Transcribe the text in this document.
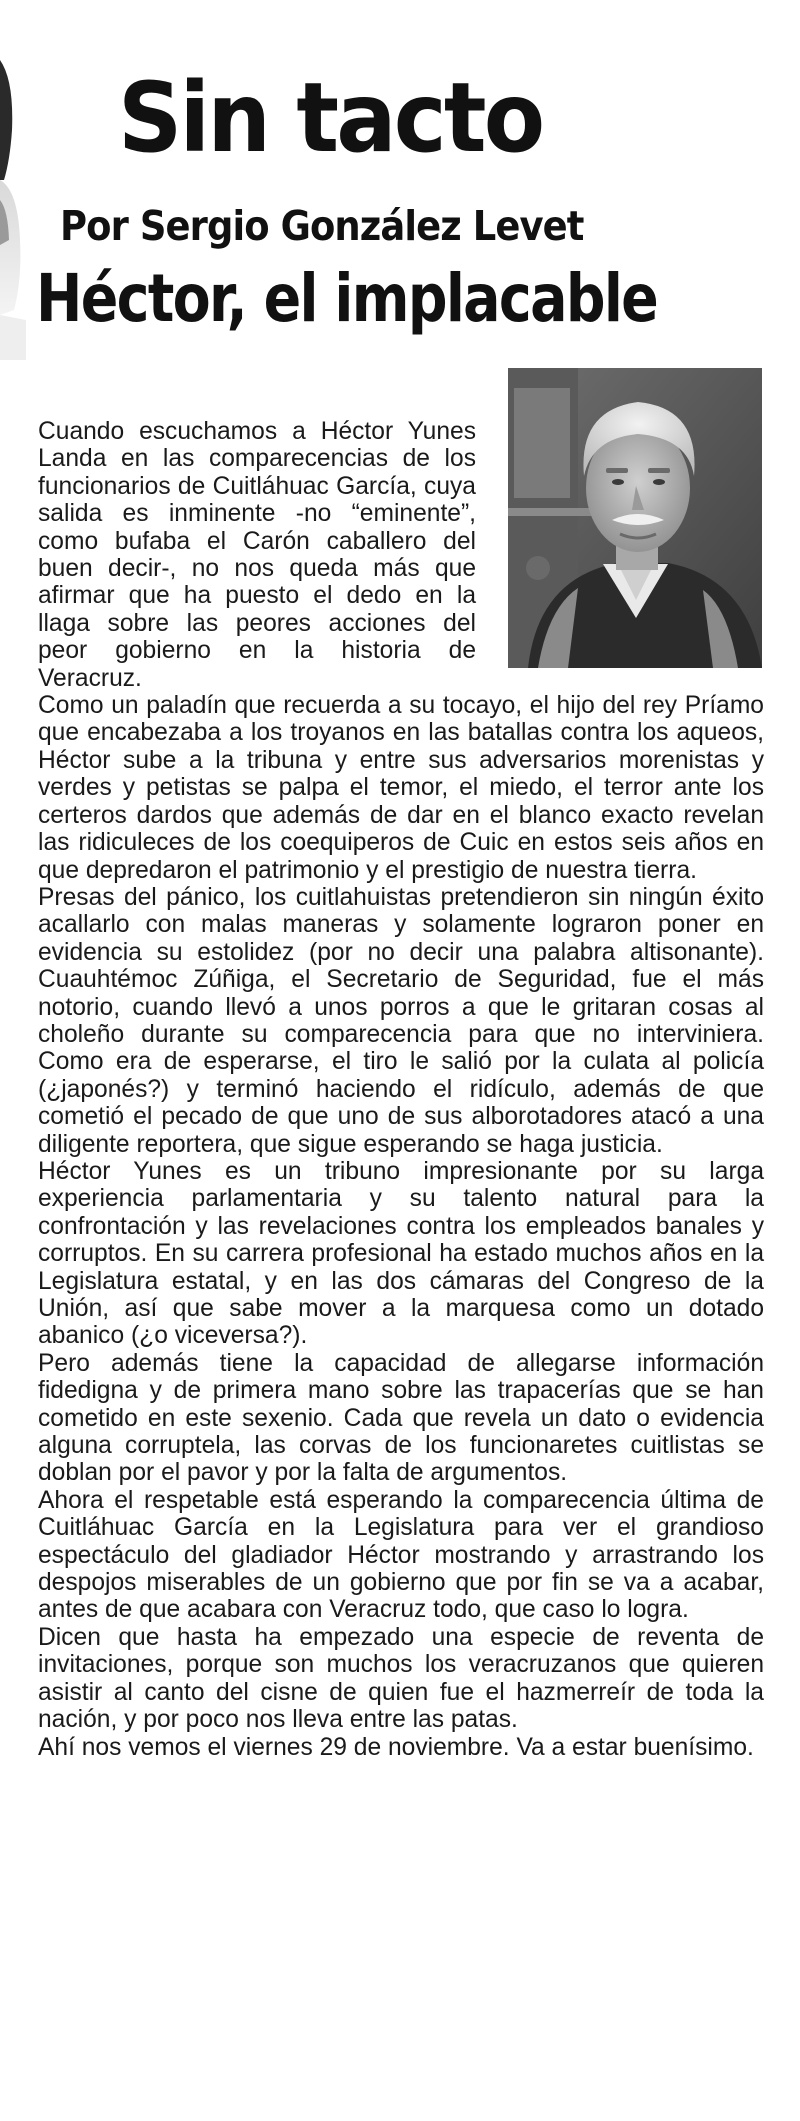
Sin tacto
Por Sergio González Levet
Héctor, el implacable

Cuando escuchamos a Héctor Yunes Landa en las comparecencias de los funcionarios de Cuitláhuac García, cuya salida es inminente -no “eminente”, como bufaba el Carón caballero del buen decir-, no nos queda más que afirmar que ha puesto el dedo en la llaga sobre las peores acciones del peor gobierno en la historia de Veracruz.

Como un paladín que recuerda a su tocayo, el hijo del rey Príamo que encabezaba a los troyanos en las batallas contra los aqueos, Héctor sube a la tribuna y entre sus adversarios morenistas y verdes y petistas se palpa el temor, el miedo, el terror ante los certeros dardos que además de dar en el blanco exacto revelan las ridiculeces de los coequiperos de Cuic en estos seis años en que depredaron el patrimonio y el prestigio de nuestra tierra.

Presas del pánico, los cuitlahuistas pretendieron sin ningún éxito acallarlo con malas maneras y solamente lograron poner en evidencia su estolidez (por no decir una palabra altisonante). Cuauhtémoc Zúñiga, el Secretario de Seguridad, fue el más notorio, cuando llevó a unos porros a que le gritaran cosas al choleño durante su comparecencia para que no interviniera. Como era de esperarse, el tiro le salió por la culata al policía (¿japonés?) y terminó haciendo el ridículo, además de que cometió el pecado de que uno de sus alborotadores atacó a una diligente reportera, que sigue esperando se haga justicia.

Héctor Yunes es un tribuno impresionante por su larga experiencia parlamentaria y su talento natural para la confrontación y las revelaciones contra los empleados banales y corruptos. En su carrera profesional ha estado muchos años en la Legislatura estatal, y en las dos cámaras del Congreso de la Unión, así que sabe mover a la marquesa como un dotado abanico (¿o viceversa?).

Pero además tiene la capacidad de allegarse información fidedigna y de primera mano sobre las trapacerías que se han cometido en este sexenio. Cada que revela un dato o evidencia alguna corruptela, las corvas de los funcionaretes cuitlistas se doblan por el pavor y por la falta de argumentos.

Ahora el respetable está esperando la comparecencia última de Cuitláhuac García en la Legislatura para ver el grandioso espectáculo del gladiador Héctor mostrando y arrastrando los despojos miserables de un gobierno que por fin se va a acabar, antes de que acabara con Veracruz todo, que caso lo logra.

Dicen que hasta ha empezado una especie de reventa de invitaciones, porque son muchos los veracruzanos que quieren asistir al canto del cisne de quien fue el hazmerreír de toda la nación, y por poco nos lleva entre las patas.

Ahí nos vemos el viernes 29 de noviembre. Va a estar buenísimo.
